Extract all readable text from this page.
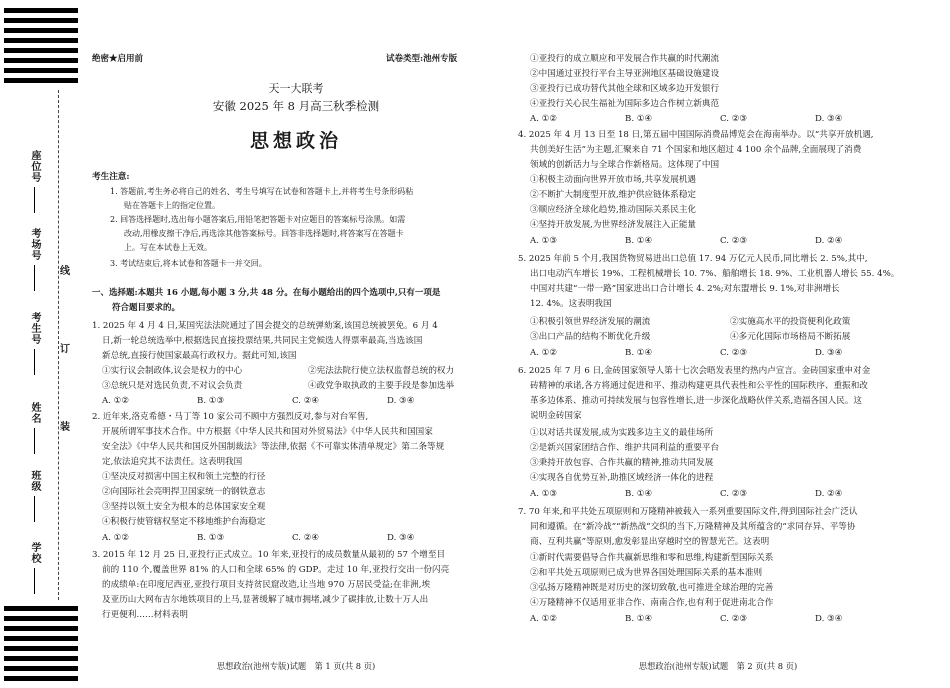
座位号
考场号
考生号
姓名
班级
学校
线
订
装
绝密★启用前	试卷类型:池州专版
天一大联考
安徽 2025 年 8 月高三秋季检测
思想政治

考生注意:

1. 答题前,考生务必将自己的姓名、考生号填写在试卷和答题卡上,并将考生号条形码粘

贴在答题卡上的指定位置。

2. 回答选择题时,选出每小题答案后,用铅笔把答题卡对应题目的答案标号涂黑。如需

改动,用橡皮擦干净后,再选涂其他答案标号。回答非选择题时,将答案写在答题卡

上。写在本试卷上无效。

3. 考试结束后,将本试卷和答题卡一并交回。

一、选择题:本题共 16 小题,每小题 3 分,共 48 分。在每小题给出的四个选项中,只有一项是

符合题目要求的。

1. 2025 年 4 月 4 日,某国宪法法院通过了国会提交的总统弹劾案,该国总统被罢免。6 月 4

日,新一轮总统选举中,根据选民直接投票结果,共同民主党候选人得票率最高,当选该国

新总统,直接行使国家最高行政权力。据此可知,该国

①实行议会制政体,议会是权力的中心	②宪法法院行使立法权监督总统的权力

③总统只是对选民负责,不对议会负责	④政党争取执政的主要手段是参加选举

A. ①②	B. ①③	C. ②④	D. ③④

2. 近年来,洛克希德・马丁等 10 家公司不顾中方强烈反对,参与对台军售,

开展所谓军事技术合作。中方根据《中华人民共和国对外贸易法》《中华人民共和国国家

安全法》《中华人民共和国反外国制裁法》等法律,依据《不可靠实体清单规定》第二条等规

定,依法追究其不法责任。这表明我国

①坚决反对损害中国主权和领土完整的行径

②向国际社会亮明捍卫国家统一的钢铁意志

③坚持以领土安全为根本的总体国家安全观

④积极行使管辖权坚定不移地维护台海稳定

A. ①②	B. ①③	C. ②④	D. ③④

3. 2015 年 12 月 25 日,亚投行正式成立。10 年来,亚投行的成员数量从最初的 57 个增至目

前的 110 个,覆盖世界 81% 的人口和全球 65% 的 GDP。走过 10 年,亚投行交出一份闪亮

的成绩单:在印度尼西亚,亚投行项目支持贫民窟改造,让当地 970 万居民受益;在非洲,埃

及亚历山大网布吉尔地铁项目的上马,显著缓解了城市拥堵,减少了碳排放,让数十万人出

行更便利……材料表明

思想政治(池州专版)试题　第 1 页(共 8 页)

①亚投行的成立顺应和平发展合作共赢的时代潮流

②中国通过亚投行平台主导亚洲地区基础设施建设

③亚投行已成功替代其他全球和区域多边开发银行

④亚投行关心民生福祉为国际多边合作树立新典范

A. ①②	B. ①④	C. ②③	D. ③④

4. 2025 年 4 月 13 日至 18 日,第五届中国国际消费品博览会在海南举办。以“共享开放机遇,

共创美好生活”为主题,汇聚来自 71 个国家和地区超过 4 100 余个品牌,全面展现了消费

领域的创新活力与全球合作新格局。这体现了中国

①积极主动面向世界开放市场,共享发展机遇

②不断扩大制度型开放,维护供应链体系稳定

③顺应经济全球化趋势,推动国际关系民主化

④坚持开放发展,为世界经济发展注入正能量

A. ①③	B. ①④	C. ②③	D. ②④

5. 2025 年前 5 个月,我国货物贸易进出口总值 17. 94 万亿元人民币,同比增长 2. 5%,其中,

出口电动汽车增长 19%、工程机械增长 10. 7%、船舶增长 18. 9%、工业机器人增长 55. 4%。

中国对共建“一带一路”国家进出口合计增长 4. 2%;对东盟增长 9. 1%,对非洲增长

12. 4%。这表明我国

①积极引领世界经济发展的潮流	②实施高水平的投资便利化政策

③出口产品的结构不断优化升级	④多元化国际市场格局不断拓展

A. ①②	B. ①④	C. ②③	D. ③④

6. 2025 年 7 月 6 日,金砖国家领导人第十七次会晤发表里约热内卢宣言。金砖国家重申对金

砖精神的承诺,各方将通过促进和平、推动构建更具代表性和公平性的国际秩序、重振和改

革多边体系、推动可持续发展与包容性增长,进一步深化战略伙伴关系,造福各国人民。这

说明金砖国家

①以对话共谋发展,成为实践多边主义的最佳场所

②是新兴国家团结合作、维护共同利益的重要平台

③秉持开放包容、合作共赢的精神,推动共同发展

④实现各自优势互补,助推区域经济一体化的进程

A. ①③	B. ①④	C. ②③	D. ②④

7. 70 年来,和平共处五项原则和万隆精神被载入一系列重要国际文件,得到国际社会广泛认

同和遵循。在“新冷战”“新热战”交织的当下,万隆精神及其所蕴含的“求同存异、平等协

商、互利共赢”等原则,愈发彰显出穿越时空的智慧光芒。这表明

①新时代需要倡导合作共赢新思维和零和思维,构建新型国际关系

②和平共处五项原则已成为世界各国处理国际关系的基本准则

③弘扬万隆精神既是对历史的深切致敬,也可推进全球治理的完善

④万隆精神不仅适用亚非合作、南南合作,也有利于促进南北合作

A. ①②	B. ①④	C. ②③	D. ③④
思想政治(池州专版)试题　第 2 页(共 8 页)
